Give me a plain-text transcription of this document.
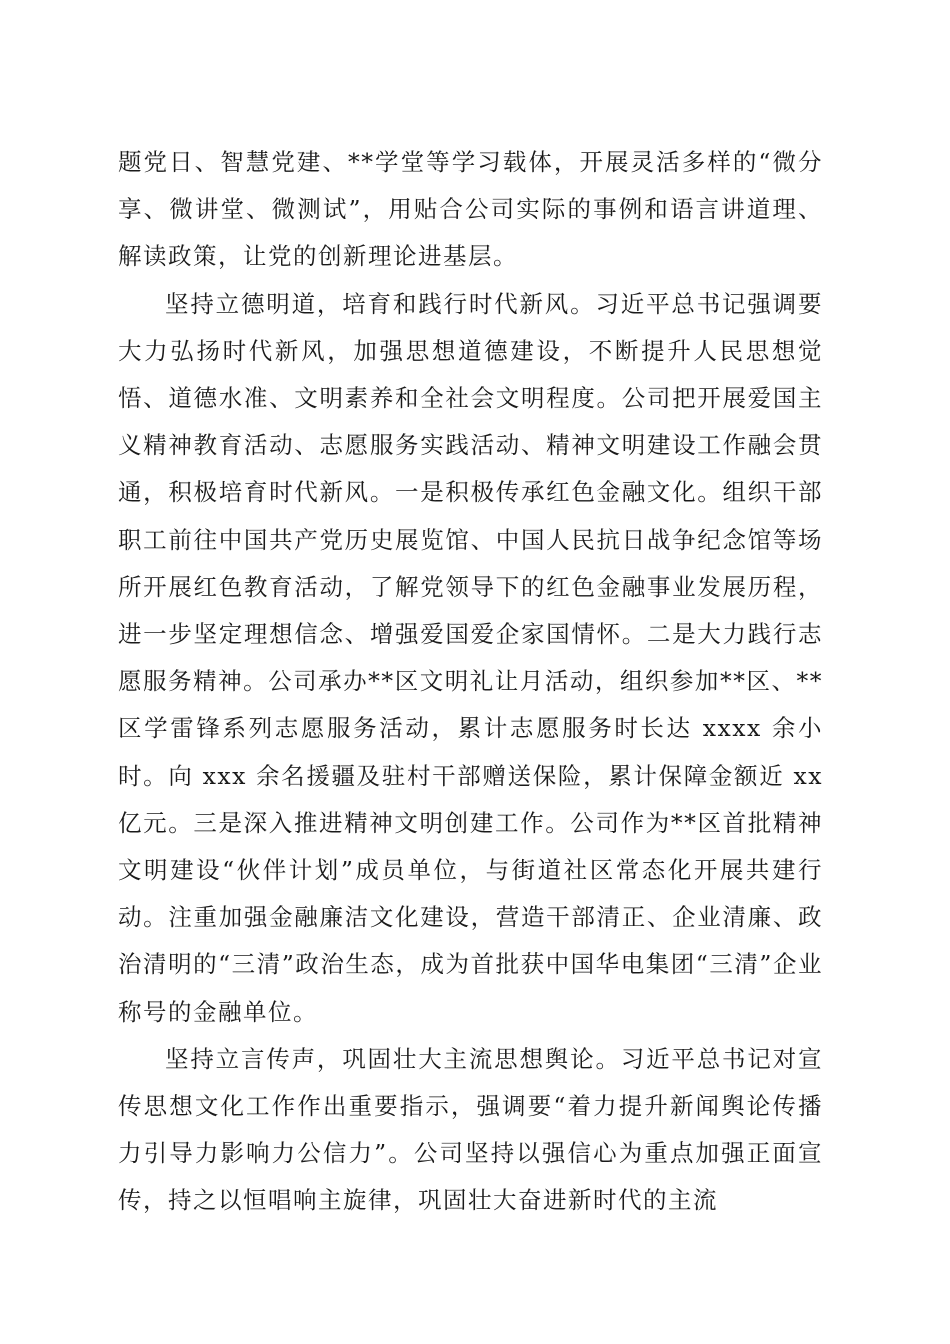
题党日、智慧党建、**学堂等学习载体，开展灵活多样的“微分享、微讲堂、微测试”，用贴合公司实际的事例和语言讲道理、解读政策，让党的创新理论进基层。

坚持立德明道，培育和践行时代新风。习近平总书记强调要大力弘扬时代新风，加强思想道德建设，不断提升人民思想觉悟、道德水准、文明素养和全社会文明程度。公司把开展爱国主义精神教育活动、志愿服务实践活动、精神文明建设工作融会贯通，积极培育时代新风。一是积极传承红色金融文化。组织干部职工前往中国共产党历史展览馆、中国人民抗日战争纪念馆等场所开展红色教育活动，了解党领导下的红色金融事业发展历程，进一步坚定理想信念、增强爱国爱企家国情怀。二是大力践行志愿服务精神。公司承办**区文明礼让月活动，组织参加**区、**区学雷锋系列志愿服务活动，累计志愿服务时长达 xxxx 余小时。向 xxx 余名援疆及驻村干部赠送保险，累计保障金额近 xx 亿元。三是深入推进精神文明创建工作。公司作为**区首批精神文明建设“伙伴计划”成员单位，与街道社区常态化开展共建行动。注重加强金融廉洁文化建设，营造干部清正、企业清廉、政治清明的“三清”政治生态，成为首批获中国华电集团“三清”企业称号的金融单位。

坚持立言传声，巩固壮大主流思想舆论。习近平总书记对宣传思想文化工作作出重要指示，强调要“着力提升新闻舆论传播力引导力影响力公信力”。公司坚持以强信心为重点加强正面宣传，持之以恒唱响主旋律，巩固壮大奋进新时代的主流
